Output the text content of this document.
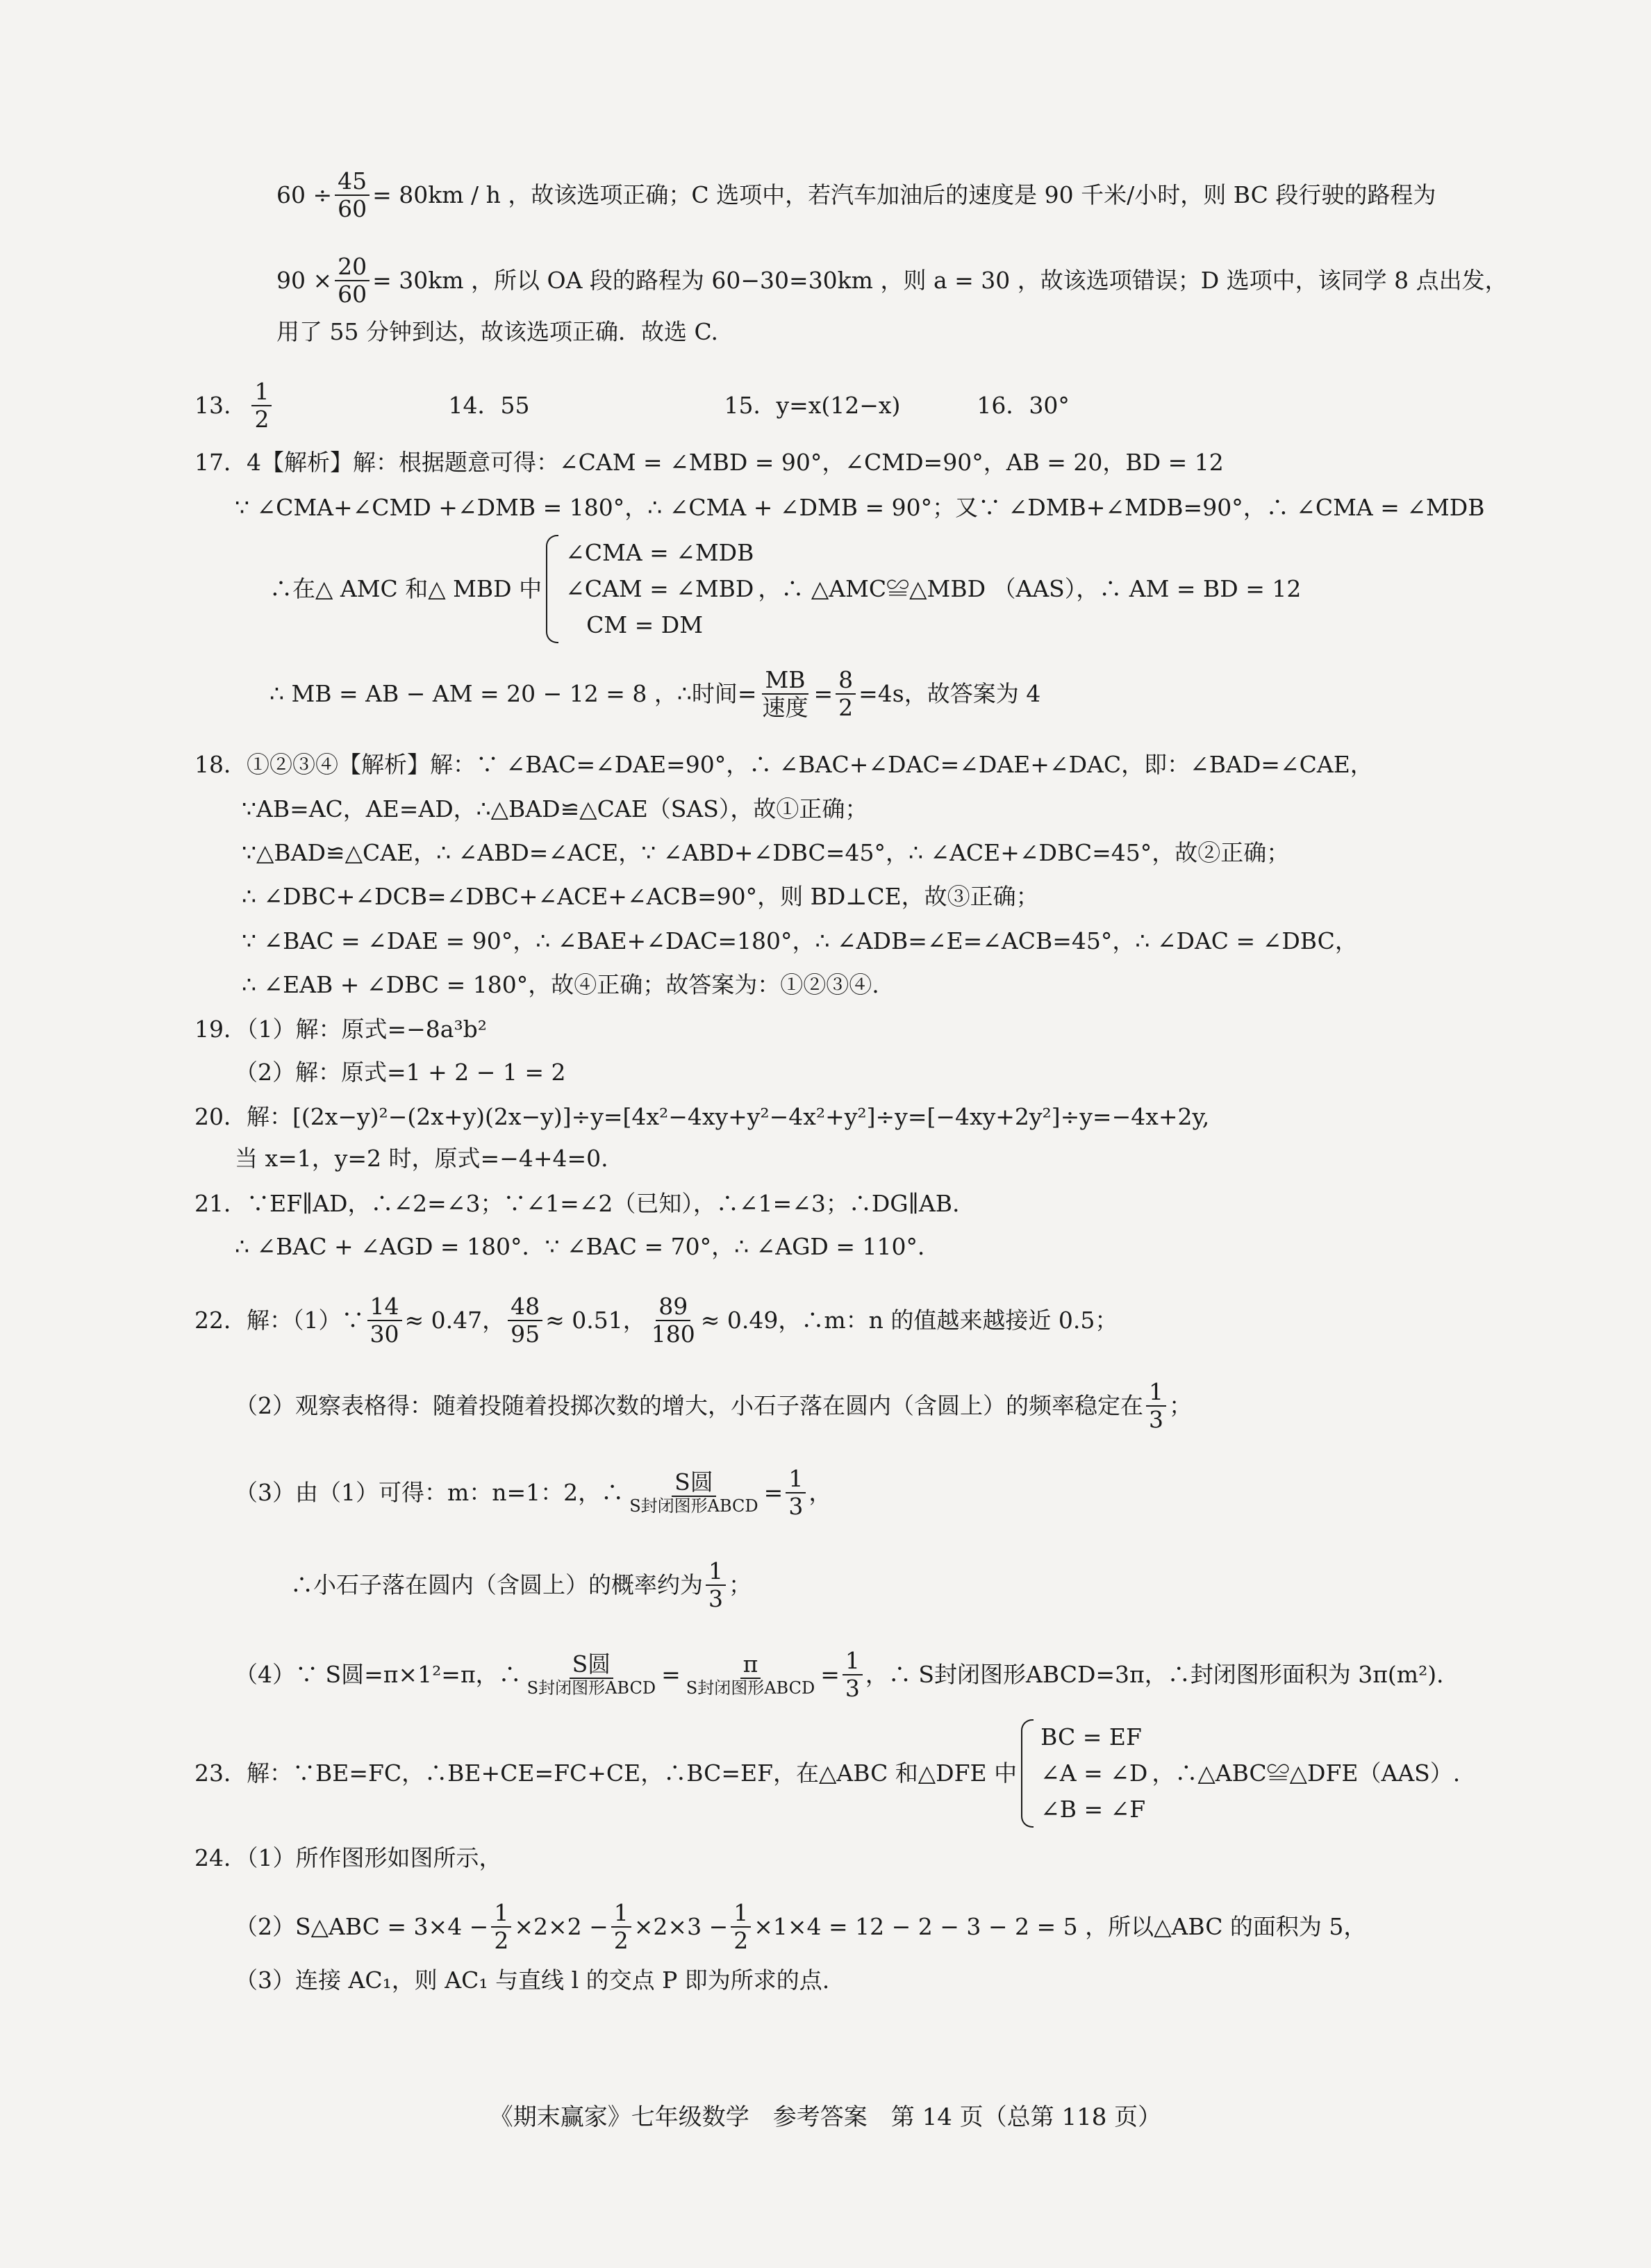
$60 \div \frac{45}{60} = 80km / h$ ，故该选项正确；C 选项中，若汽车加油后的速度是 90 千米/小时，则 BC 段行驶的路程为
$90 \times \frac{20}{60} = 30km$ ，所以 OA 段的路程为 60−30=30km ，则 a = 30 ，故该选项错误；D 选项中，该同学 8 点出发，
用了 55 分钟到达，故该选项正确．故选 C.
13. $\frac{1}{2}$	14．55	15．y=x(12−x)	16．30°
17．4【解析】解：根据题意可得：∠CAM = ∠MBD = 90°，∠CMD=90°，AB = 20，BD = 12
∵ ∠CMA+∠CMD +∠DMB = 180°，∴ ∠CMA + ∠DMB = 90°；又∵ ∠DMB+∠MDB=90°，∴ ∠CMA = ∠MDB
∴在△ AMC 和△ MBD 中
∠CMA = ∠MDB
∠CAM = ∠MBD
CM = DM
，∴ △AMC≌△MBD （AAS），∴ AM = BD = 12
∴ MB = AB − AM = 20 − 12 = 8 ，∴时间= $\frac{MB}{\text{速度}} = \frac{8}{2} =4s$，故答案为 4
18．①②③④【解析】解：∵ ∠BAC=∠DAE=90°，∴ ∠BAC+∠DAC=∠DAE+∠DAC，即：∠BAD=∠CAE，
∵AB=AC，AE=AD，∴△BAD≌△CAE（SAS），故①正确；
∵△BAD≌△CAE，∴ ∠ABD=∠ACE，∵ ∠ABD+∠DBC=45°，∴ ∠ACE+∠DBC=45°，故②正确；
∴ ∠DBC+∠DCB=∠DBC+∠ACE+∠ACB=90°，则 BD⊥CE，故③正确；
∵ ∠BAC = ∠DAE = 90°，∴ ∠BAE+∠DAC=180°，∴ ∠ADB=∠E=∠ACB=45°，∴ ∠DAC = ∠DBC，
∴ ∠EAB + ∠DBC = 180°，故④正确；故答案为：①②③④.
19．（1）解：原式=−8a³b²
（2）解：原式=1 + 2 − 1 = 2
20．解：[(2x−y)²−(2x+y)(2x−y)]÷y=[4x²−4xy+y²−4x²+y²]÷y=[−4xy+2y²]÷y=−4x+2y,
当 x=1，y=2 时，原式=−4+4=0.
21．∵EF∥AD，∴∠2=∠3；∵∠1=∠2（已知），∴∠1=∠3；∴DG∥AB.
∴ ∠BAC + ∠AGD = 180°．∵ ∠BAC = 70°，∴ ∠AGD = 110°．
22．解：（1）∵ $\frac{14}{30} \approx 0.47$， $\frac{48}{95} \approx 0.51$， $\frac{89}{180} \approx 0.49$，∴m：n 的值越来越接近 0.5；
（2）观察表格得：随着投随着投掷次数的增大，小石子落在圆内（含圆上）的频率稳定在 $\frac{1}{3}$ ；
（3）由（1）可得：m：n=1：2，∴ $\frac{\text{S圆}}{\text{S封闭图形ABCD}} = \frac{1}{3}$ ，
∴小石子落在圆内（含圆上）的概率约为 $\frac{1}{3}$ ；
（4）∵ S圆=π×1²=π，∴ $\frac{\text{S圆}}{\text{S封闭图形ABCD}} = \frac{\pi}{\text{S封闭图形ABCD}} = \frac{1}{3}$ ，∴ S封闭图形ABCD=3π，∴封闭图形面积为 3π(m²)．
23．解：∵BE=FC，∴BE+CE=FC+CE，∴BC=EF，在△ABC 和△DFE 中
BC = EF
∠A = ∠D
∠B = ∠F
，∴△ABC≌△DFE（AAS）.
24．（1）所作图形如图所示，
（2）S△ABC = $3\times 4 - \frac{1}{2} \times 2\times 2 - \frac{1}{2} \times 2\times 3 - \frac{1}{2} \times 1\times 4 = 12 - 2 - 3 - 2 = 5$ ，所以△ABC 的面积为 5，
（3）连接 AC₁，则 AC₁ 与直线 l 的交点 P 即为所求的点.
《期末赢家》七年级数学　参考答案　第 14 页（总第 118 页）
